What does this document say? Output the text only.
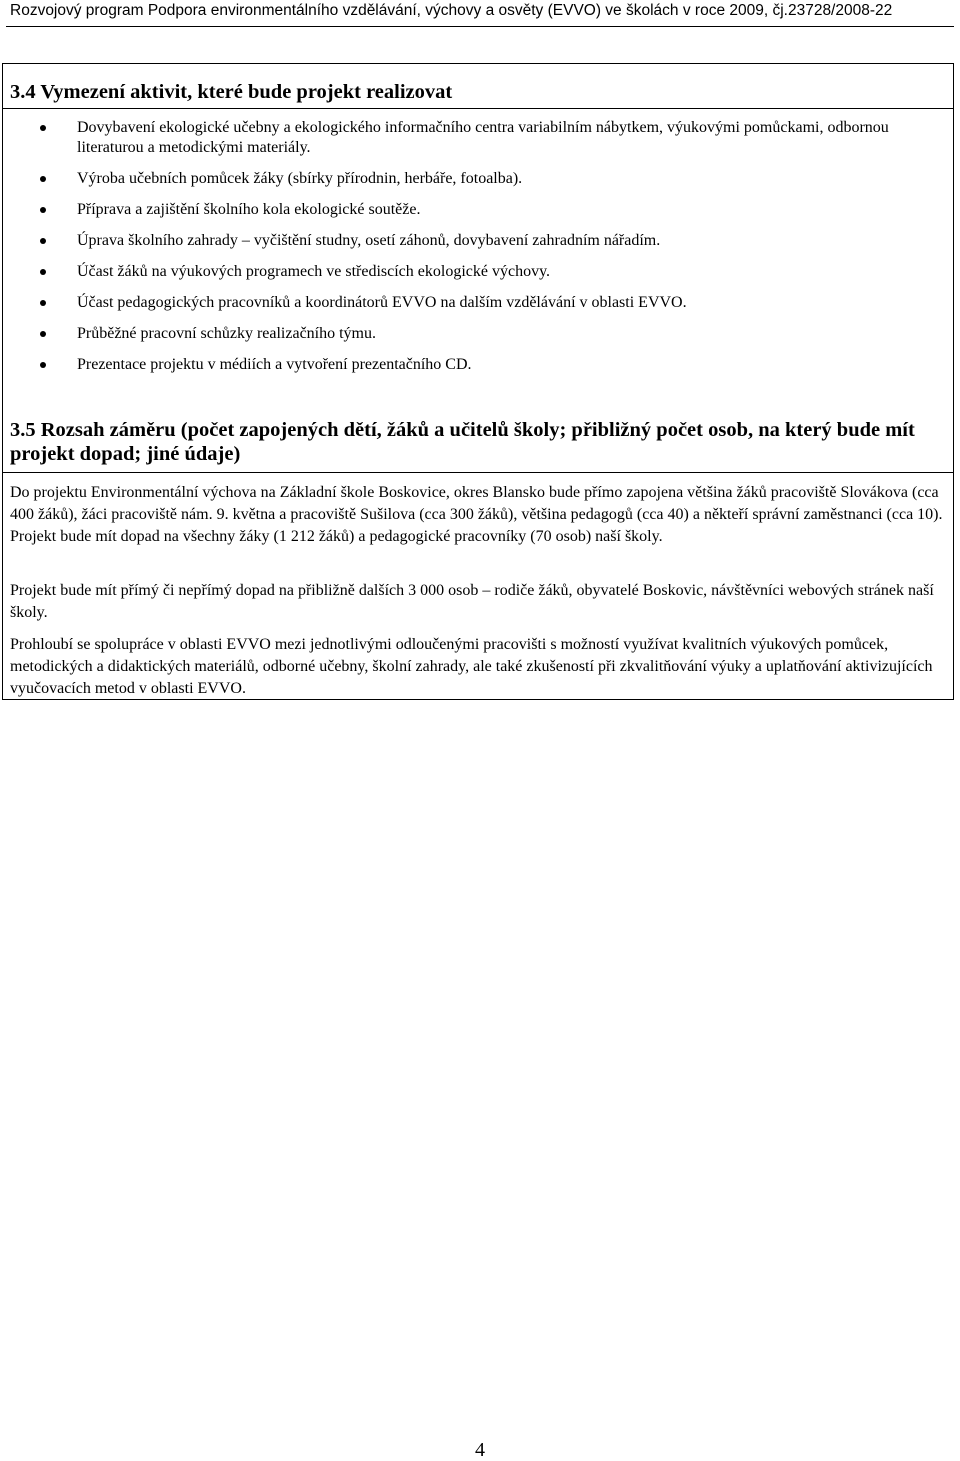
Rozvojový program Podpora environmentálního vzdělávání, výchovy a osvěty (EVVO) ve školách v roce 2009, čj.23728/2008-22
3.4 Vymezení aktivit, které bude projekt realizovat
Dovybavení ekologické učebny a ekologického informačního centra variabilním nábytkem, výukovými pomůckami, odbornou literaturou a metodickými materiály.
Výroba učebních pomůcek žáky (sbírky přírodnin, herbáře, fotoalba).
Příprava a zajištění školního kola ekologické soutěže.
Úprava školního zahrady – vyčištění studny, osetí záhonů, dovybavení zahradním nářadím.
Účast žáků na výukových programech ve střediscích ekologické výchovy.
Účast pedagogických pracovníků a koordinátorů EVVO na dalším vzdělávání v oblasti EVVO.
Průběžné pracovní schůzky realizačního týmu.
Prezentace projektu v médiích a vytvoření prezentačního CD.
3.5 Rozsah záměru (počet zapojených dětí, žáků a učitelů školy; přibližný počet osob, na který bude mít projekt dopad; jiné údaje)
Do projektu Environmentální výchova na Základní škole Boskovice, okres Blansko bude přímo zapojena většina žáků pracoviště Slovákova (cca 400 žáků), žáci pracoviště nám. 9. května a pracoviště Sušilova (cca 300 žáků), většina pedagogů (cca 40) a někteří správní zaměstnanci (cca 10). Projekt bude mít dopad na všechny žáky (1 212 žáků) a pedagogické pracovníky (70 osob) naší školy.
Projekt bude mít přímý či nepřímý dopad na přibližně dalších 3 000 osob – rodiče žáků, obyvatelé Boskovic, návštěvníci webových stránek naší školy.
Prohloubí se spolupráce v oblasti EVVO mezi jednotlivými odloučenými pracovišti s možností využívat kvalitních výukových pomůcek, metodických a didaktických materiálů, odborné učebny, školní zahrady, ale také zkušeností při zkvalitňování výuky a uplatňování aktivizujících vyučovacích metod v oblasti EVVO.
4
